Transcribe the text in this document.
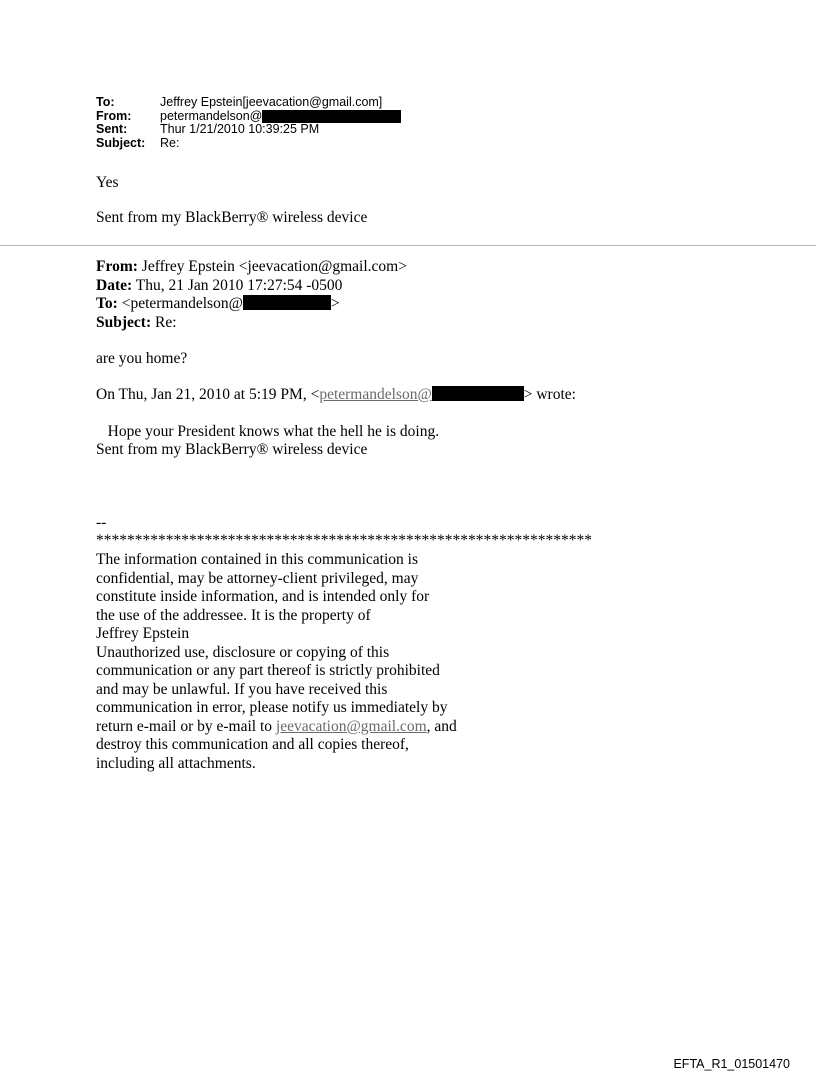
To:	Jeffrey Epstein[jeevacation@gmail.com]
From:	petermandelson@
Sent:	Thur 1/21/2010 10:39:25 PM
Subject:	Re:
Yes
Sent from my BlackBerry® wireless device
From: Jeffrey Epstein <jeevacation@gmail.com>
Date: Thu, 21 Jan 2010 17:27:54 -0500
To: <petermandelson@	>
Subject: Re:
are you home?
On Thu, Jan 21, 2010 at 5:19 PM, <petermandelson@	> wrote:
Hope your President knows what the hell he is doing.
Sent from my BlackBerry® wireless device
--
****************************************************************
The information contained in this communication is
confidential, may be attorney-client privileged, may
constitute inside information, and is intended only for
the use of the addressee. It is the property of
Jeffrey Epstein
Unauthorized use, disclosure or copying of this
communication or any part thereof is strictly prohibited
and may be unlawful. If you have received this
communication in error, please notify us immediately by
return e-mail or by e-mail to jeevacation@gmail.com, and
destroy this communication and all copies thereof,
including all attachments.
EFTA_R1_01501470
